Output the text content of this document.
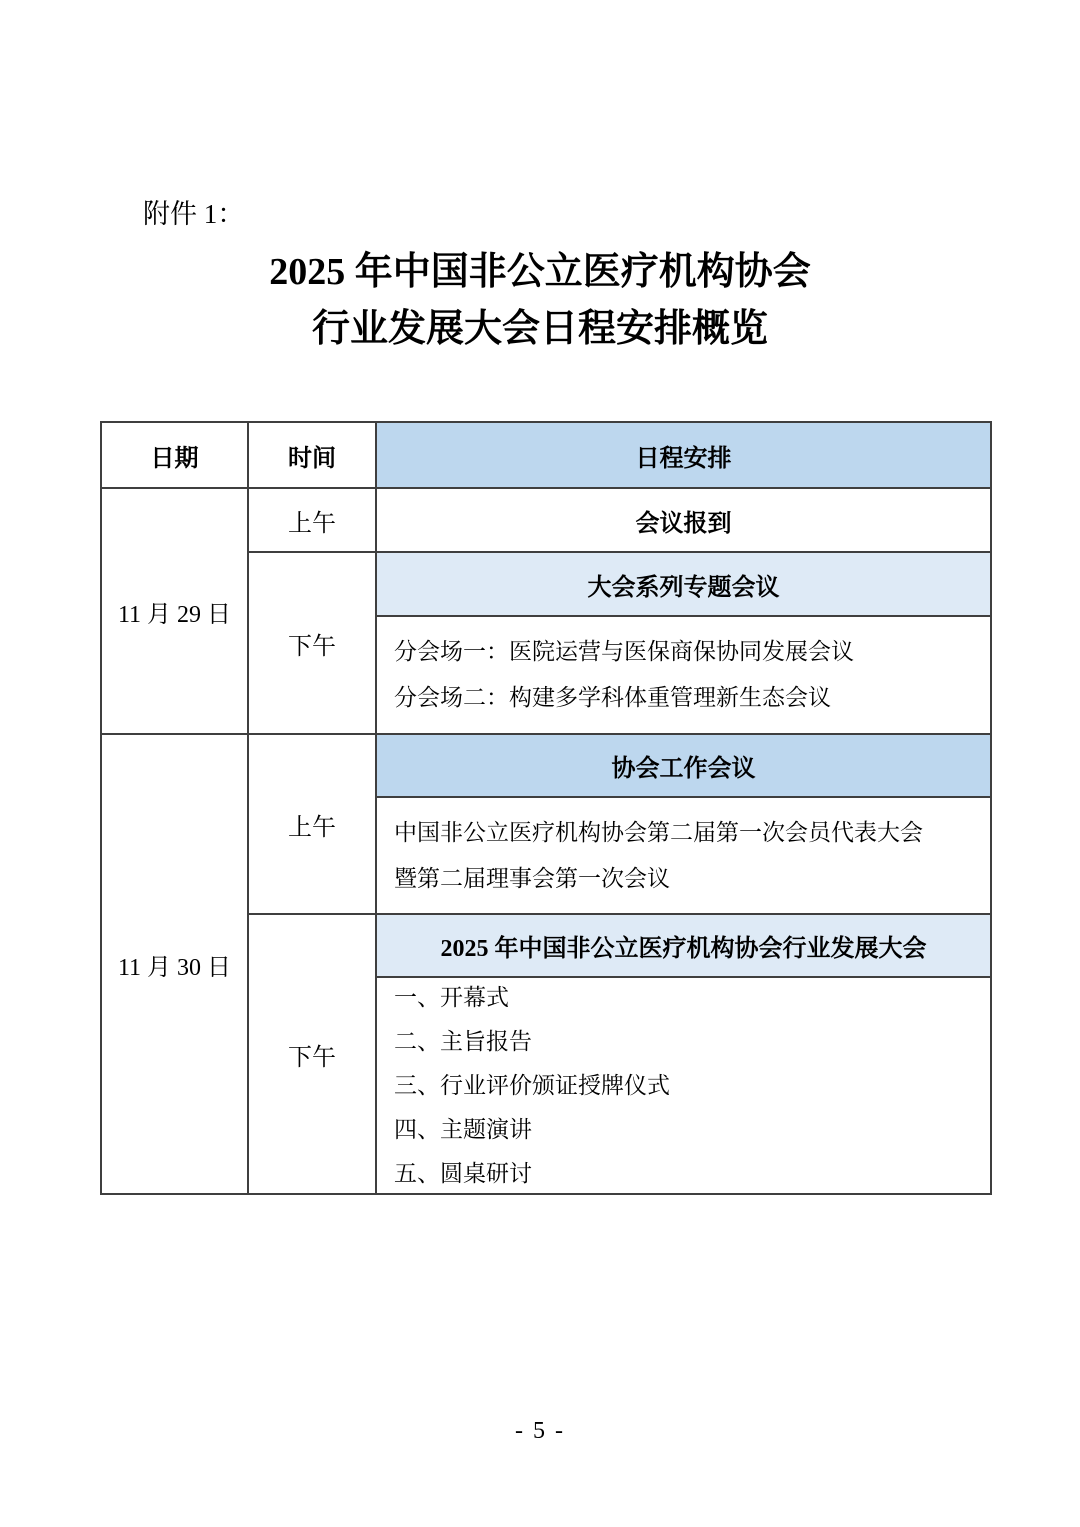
附件 1：
2025 年中国非公立医疗机构协会
行业发展大会日程安排概览
日期	时间	日程安排
11 月 29 日
11 月 30 日
上午
下午
上午
下午
会议报到
大会系列专题会议
分会场一：医院运营与医保商保协同发展会议
分会场二：构建多学科体重管理新生态会议
协会工作会议
中国非公立医疗机构协会第二届第一次会员代表大会
暨第二届理事会第一次会议
2025 年中国非公立医疗机构协会行业发展大会
一、开幕式
二、主旨报告
三、行业评价颁证授牌仪式
四、主题演讲
五、圆桌研讨
- 5 -
